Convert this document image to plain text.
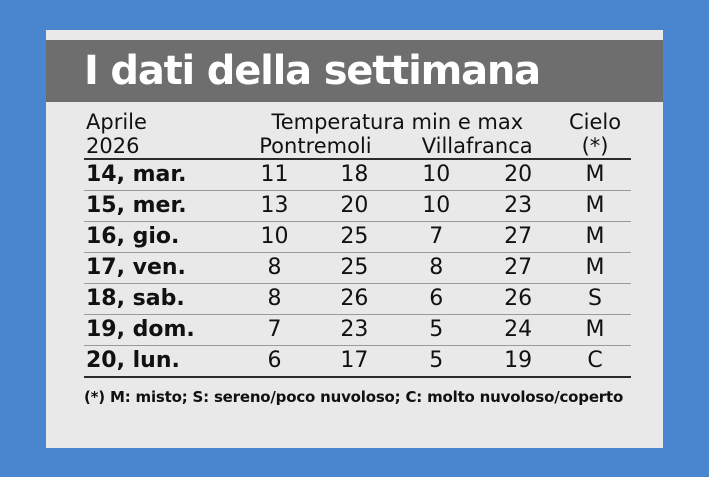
I dati della settimana
Aprile	Temperatura min e max				Cielo
2026	Pontremoli		Villafranca		(*)
14, mar.	11	18	10	20	M
15, mer.	13	20	10	23	M
16, gio.	10	25	7	27	M
17, ven.	8	25	8	27	M
18, sab.	8	26	6	26	S
19, dom.	7	23	5	24	M
20, lun.	6	17	5	19	C
(*) M: misto; S: sereno/poco nuvoloso; C: molto nuvoloso/coperto
